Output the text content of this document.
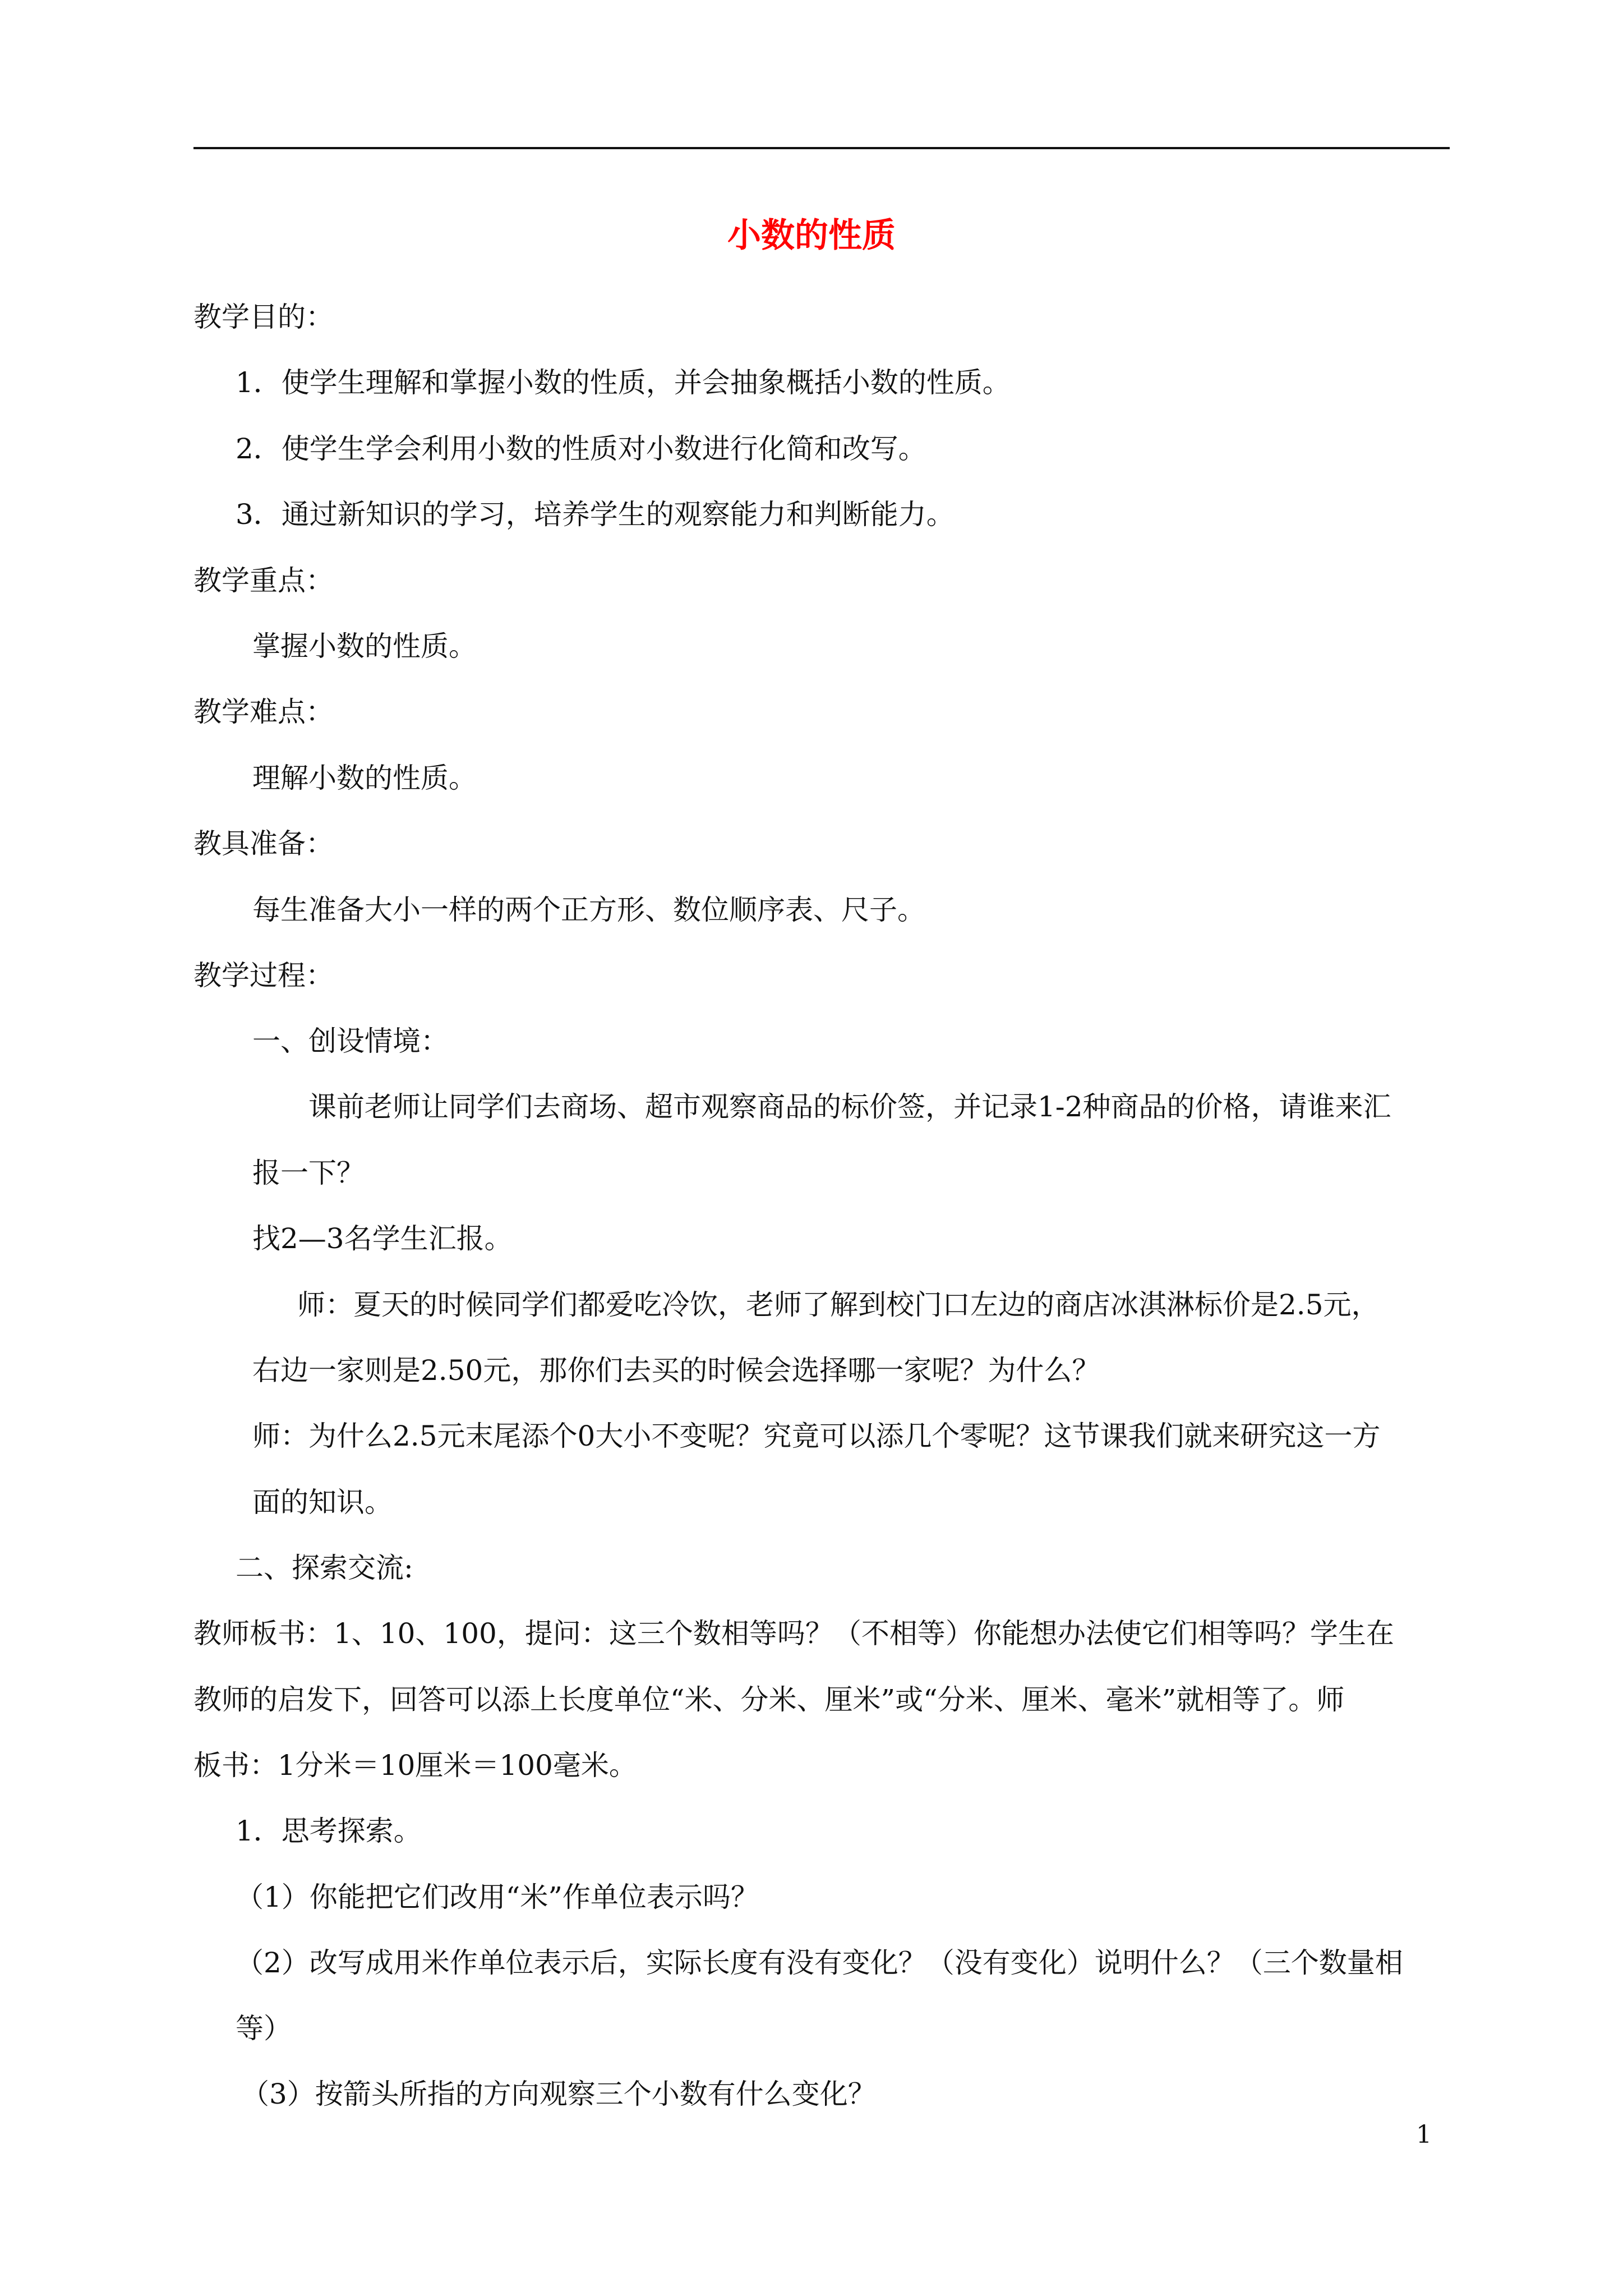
小数的性质

教学目的：

1．使学生理解和掌握小数的性质，并会抽象概括小数的性质。

2．使学生学会利用小数的性质对小数进行化简和改写。

3．通过新知识的学习，培养学生的观察能力和判断能力。

教学重点：

掌握小数的性质。

教学难点：

理解小数的性质。

教具准备：

每生准备大小一样的两个正方形、数位顺序表、尺子。

教学过程：

一、创设情境：

课前老师让同学们去商场、超市观察商品的标价签，并记录1-2种商品的价格，请谁来汇

报一下？

找2—3名学生汇报。

师：夏天的时候同学们都爱吃冷饮，老师了解到校门口左边的商店冰淇淋标价是2.5元，

右边一家则是2.50元，那你们去买的时候会选择哪一家呢？为什么？

师：为什么2.5元末尾添个0大小不变呢？究竟可以添几个零呢？这节课我们就来研究这一方

面的知识。

二、探索交流:

教师板书：1、10、100，提问：这三个数相等吗？（不相等）你能想办法使它们相等吗？学生在

教师的启发下，回答可以添上长度单位“米、分米、厘米”或“分米、厘米、毫米”就相等了。师

板书：1分米＝10厘米＝100毫米。

1．思考探索。

（1）你能把它们改用“米”作单位表示吗？

（2）改写成用米作单位表示后，实际长度有没有变化？（没有变化）说明什么？（三个数量相

等）

（3）按箭头所指的方向观察三个小数有什么变化？

1
